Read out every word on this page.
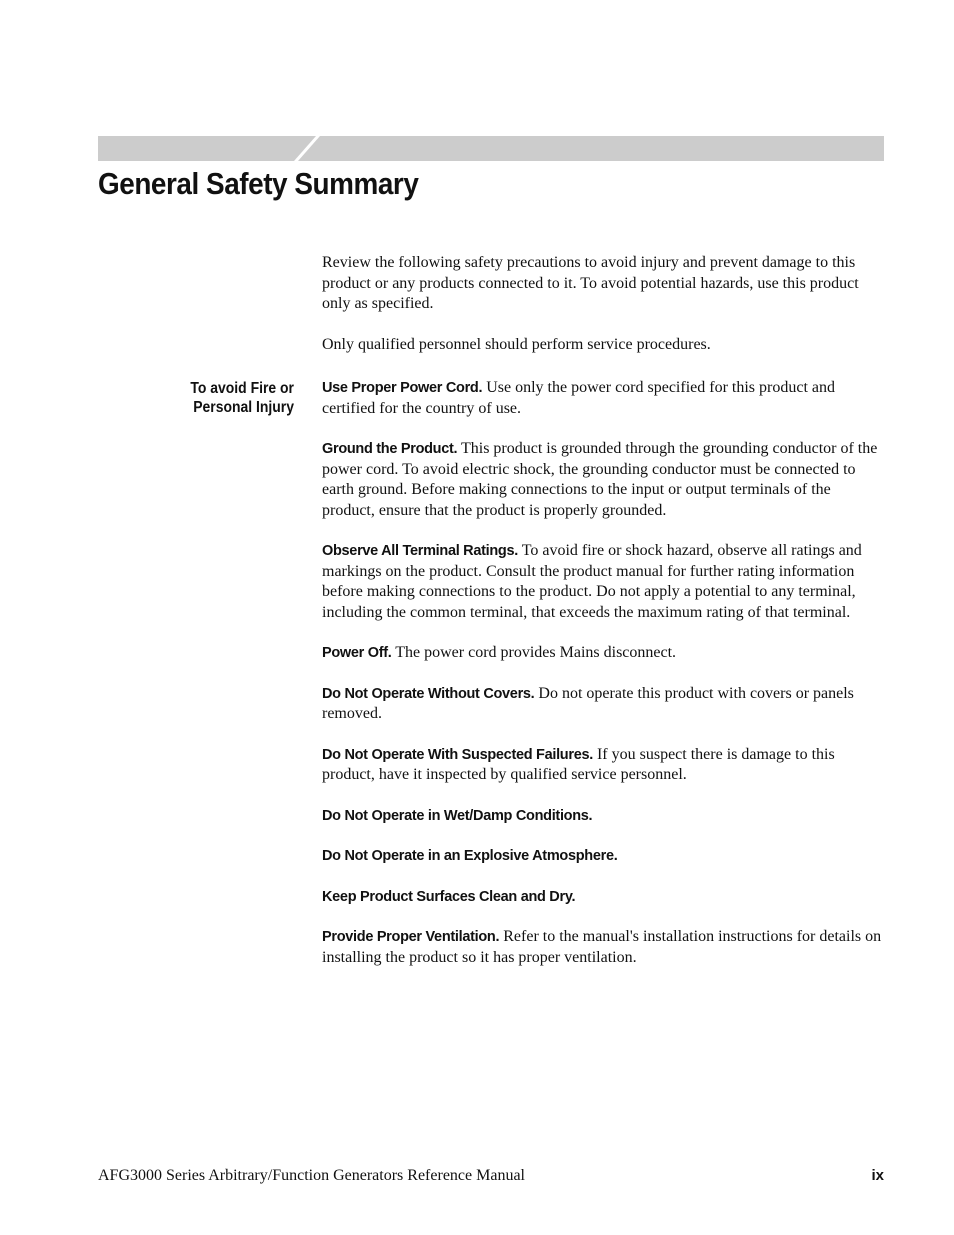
General Safety Summary

Review the following safety precautions to avoid injury and prevent damage to this product or any products connected to it. To avoid potential hazards, use this product only as specified.

Only qualified personnel should perform service procedures.

To avoid Fire or
Personal Injury
Use Proper Power Cord. Use only the power cord specified for this product and certified for the country of use.
Ground the Product. This product is grounded through the grounding conductor of the power cord. To avoid electric shock, the grounding conductor must be connected to earth ground. Before making connections to the input or output terminals of the product, ensure that the product is properly grounded.
Observe All Terminal Ratings. To avoid fire or shock hazard, observe all ratings and markings on the product. Consult the product manual for further rating information before making connections to the product. Do not apply a potential to any terminal, including the common terminal, that exceeds the maximum rating of that terminal.
Power Off. The power cord provides Mains disconnect.
Do Not Operate Without Covers. Do not operate this product with covers or panels removed.
Do Not Operate With Suspected Failures. If you suspect there is damage to this product, have it inspected by qualified service personnel.
Do Not Operate in Wet/Damp Conditions.
Do Not Operate in an Explosive Atmosphere.
Keep Product Surfaces Clean and Dry.
Provide Proper Ventilation. Refer to the manual's installation instructions for details on installing the product so it has proper ventilation.

AFG3000 Series Arbitrary/Function Generators Reference Manual	ix
